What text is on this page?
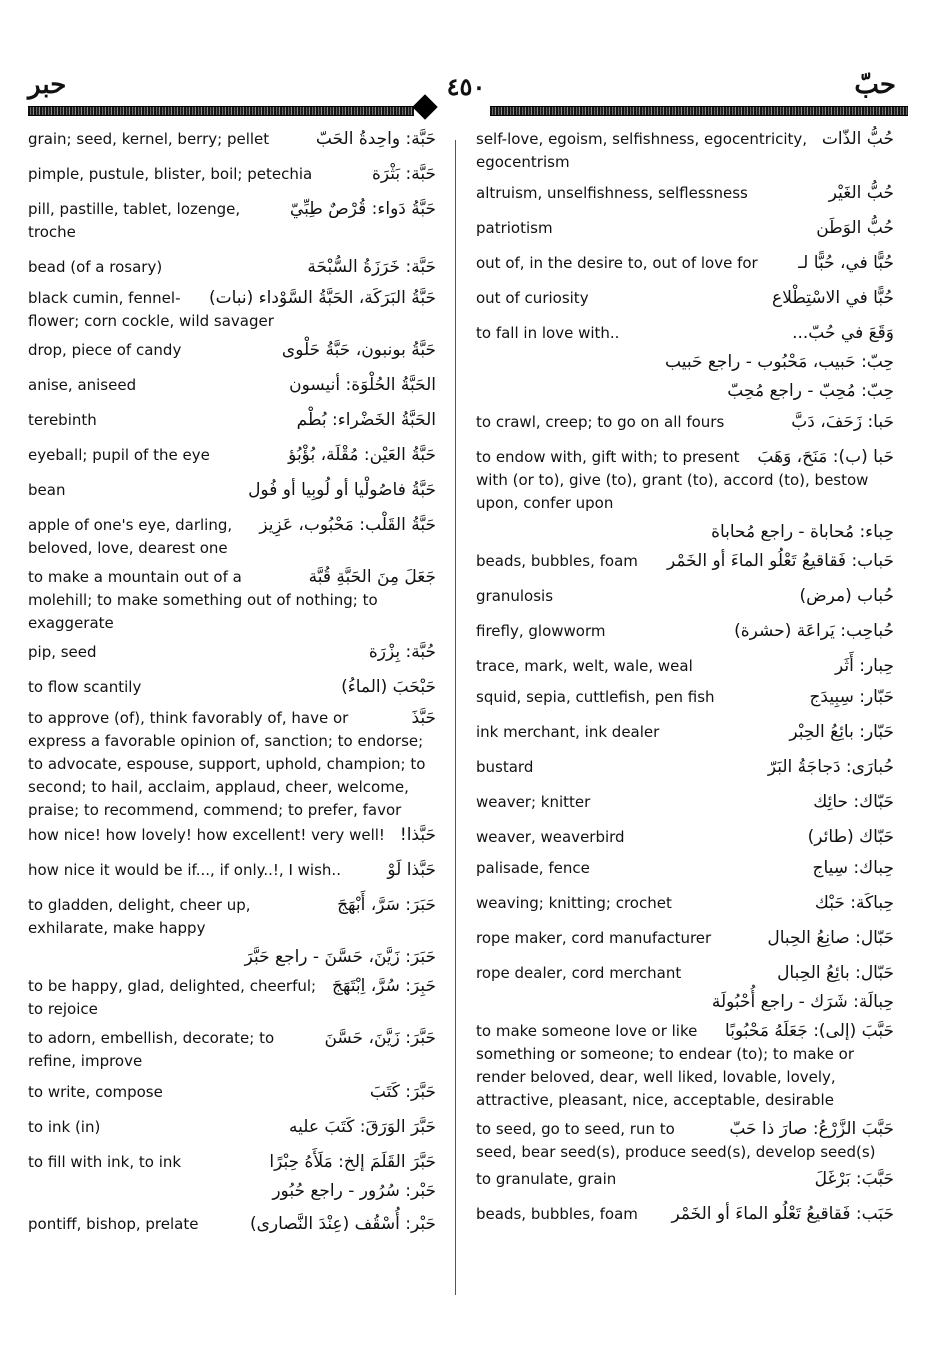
حبر	٤٥٠	حبّ
حَبَّة: واحِدةُ الحَبّ
grain; seed, kernel, berry; pellet
حَبَّة: بَثْرَة
pimple, pustule, blister, boil; petechia
حَبَّةُ دَواء: قُرْصٌ طِبِّيّ
pill, pastille, tablet, lozenge, troche
حَبَّة: خَرَزَةُ السُّبْحَة
bead (of a rosary)
حَبَّةُ البَرَكَة، الحَبَّةُ السَّوْداء (نبات)
black cumin, fennel-flower; corn cockle, wild savager
حَبَّةُ بونبون، حَبَّةُ حَلْوى
drop, piece of candy
الحَبَّةُ الحُلْوَة: أنيسون
anise, aniseed
الحَبَّةُ الخَضْراء: بُطْم
terebinth
حَبَّةُ العَيْن: مُقْلَة، بُؤْبُؤ
eyeball; pupil of the eye
حَبَّةُ فاصُولْيا أو لُوبِيا أو فُول
bean
حَبَّةُ القَلْب: مَحْبُوب، عَزِيز
apple of one's eye, darling, beloved, love, dearest one
جَعَلَ مِنَ الحَبَّةِ قُبَّة
to make a mountain out of a molehill; to make something out of nothing; to exaggerate
حُبَّة: بِزْرَة
pip, seed
حَبْحَبَ (الماءُ)
to flow scantily
حَبَّذَ
to approve (of), think favorably of, have or express a favorable opinion of, sanction; to endorse; to advocate, espouse, support, uphold, champion; to second; to hail, acclaim, applaud, cheer, welcome, praise; to recommend, commend; to prefer, favor
حَبَّذا!
how nice! how lovely! how excellent! very well!
حَبَّذا لَوْ
how nice it would be if..., if only..!, I wish..
حَبَرَ: سَرَّ، أَبْهَجَ
to gladden, delight, cheer up, exhilarate, make happy
حَبَرَ: زَيَّنَ، حَسَّنَ - راجع حَبَّرَ
حَبِرَ: سُرَّ، اِبْتَهَجَ
to be happy, glad, delighted, cheerful; to rejoice
حَبَّرَ: زَيَّنَ، حَسَّنَ
to adorn, embellish, decorate; to refine, improve
حَبَّرَ: كَتَبَ
to write, compose
حَبَّرَ الوَرَقَ: كَتَبَ عليه
to ink (in)
حَبَّرَ القَلَمَ إلخ: مَلَأَهُ حِبْرًا
to fill with ink, to ink
حَبْر: سُرُور - راجع حُبُور
حَبْر: أُسْقُف (عِنْدَ النَّصارى)
pontiff, bishop, prelate
حُبُّ الذّات
self-love, egoism, selfishness, egocentricity, egocentrism
حُبُّ الغَيْر
altruism, unselfishness, selflessness
حُبُّ الوَطَن
patriotism
حُبًّا في، حُبًّا لـ
out of, in the desire to, out of love for
حُبًّا في الاسْتِطْلاع
out of curiosity
وَقَعَ في حُبّ...
to fall in love with..
حِبّ: حَبيب، مَحْبُوب - راجع حَبيب
حِبّ: مُحِبّ - راجع مُحِبّ
حَبا: زَحَفَ، دَبَّ
to crawl, creep; to go on all fours
حَبا (ب): مَنَحَ، وَهَبَ
to endow with, gift with; to present with (or to), give (to), grant (to), accord (to), bestow upon, confer upon
حِباء: مُحاباة - راجع مُحاباة
حَباب: فَقاقيعُ تَعْلُو الماءَ أو الخَمْر
beads, bubbles, foam
حُباب (مرض)
granulosis
حُباحِب: يَراعَة (حشرة)
firefly, glowworm
حِبار: أَثَر
trace, mark, welt, wale, weal
حَبّار: سِبِيدَج
squid, sepia, cuttlefish, pen fish
حَبّار: بائِعُ الحِبْر
ink merchant, ink dealer
حُبارَى: دَجاجَةُ البَرّ
bustard
حَبّاك: حائِك
weaver; knitter
حَبّاك (طائر)
weaver, weaverbird
حِباك: سِياج
palisade, fence
حِباكَة: حَبْك
weaving; knitting; crochet
حَبّال: صانِعُ الحِبال
rope maker, cord manufacturer
حَبّال: بائِعُ الحِبال
rope dealer, cord merchant
حِبالَة: شَرَك - راجع أُحْبُولَة
حَبَّبَ (إلى): جَعَلَهُ مَحْبُوبًا
to make someone love or like something or someone; to endear (to); to make or render beloved, dear, well liked, lovable, lovely, attractive, pleasant, nice, acceptable, desirable
حَبَّبَ الزَّرْعُ: صارَ ذا حَبّ
to seed, go to seed, run to seed, bear seed(s), produce seed(s), develop seed(s)
حَبَّبَ: بَرْغَلَ
to granulate, grain
حَبَب: فَقاقيعُ تَعْلُو الماءَ أو الخَمْر
beads, bubbles, foam
